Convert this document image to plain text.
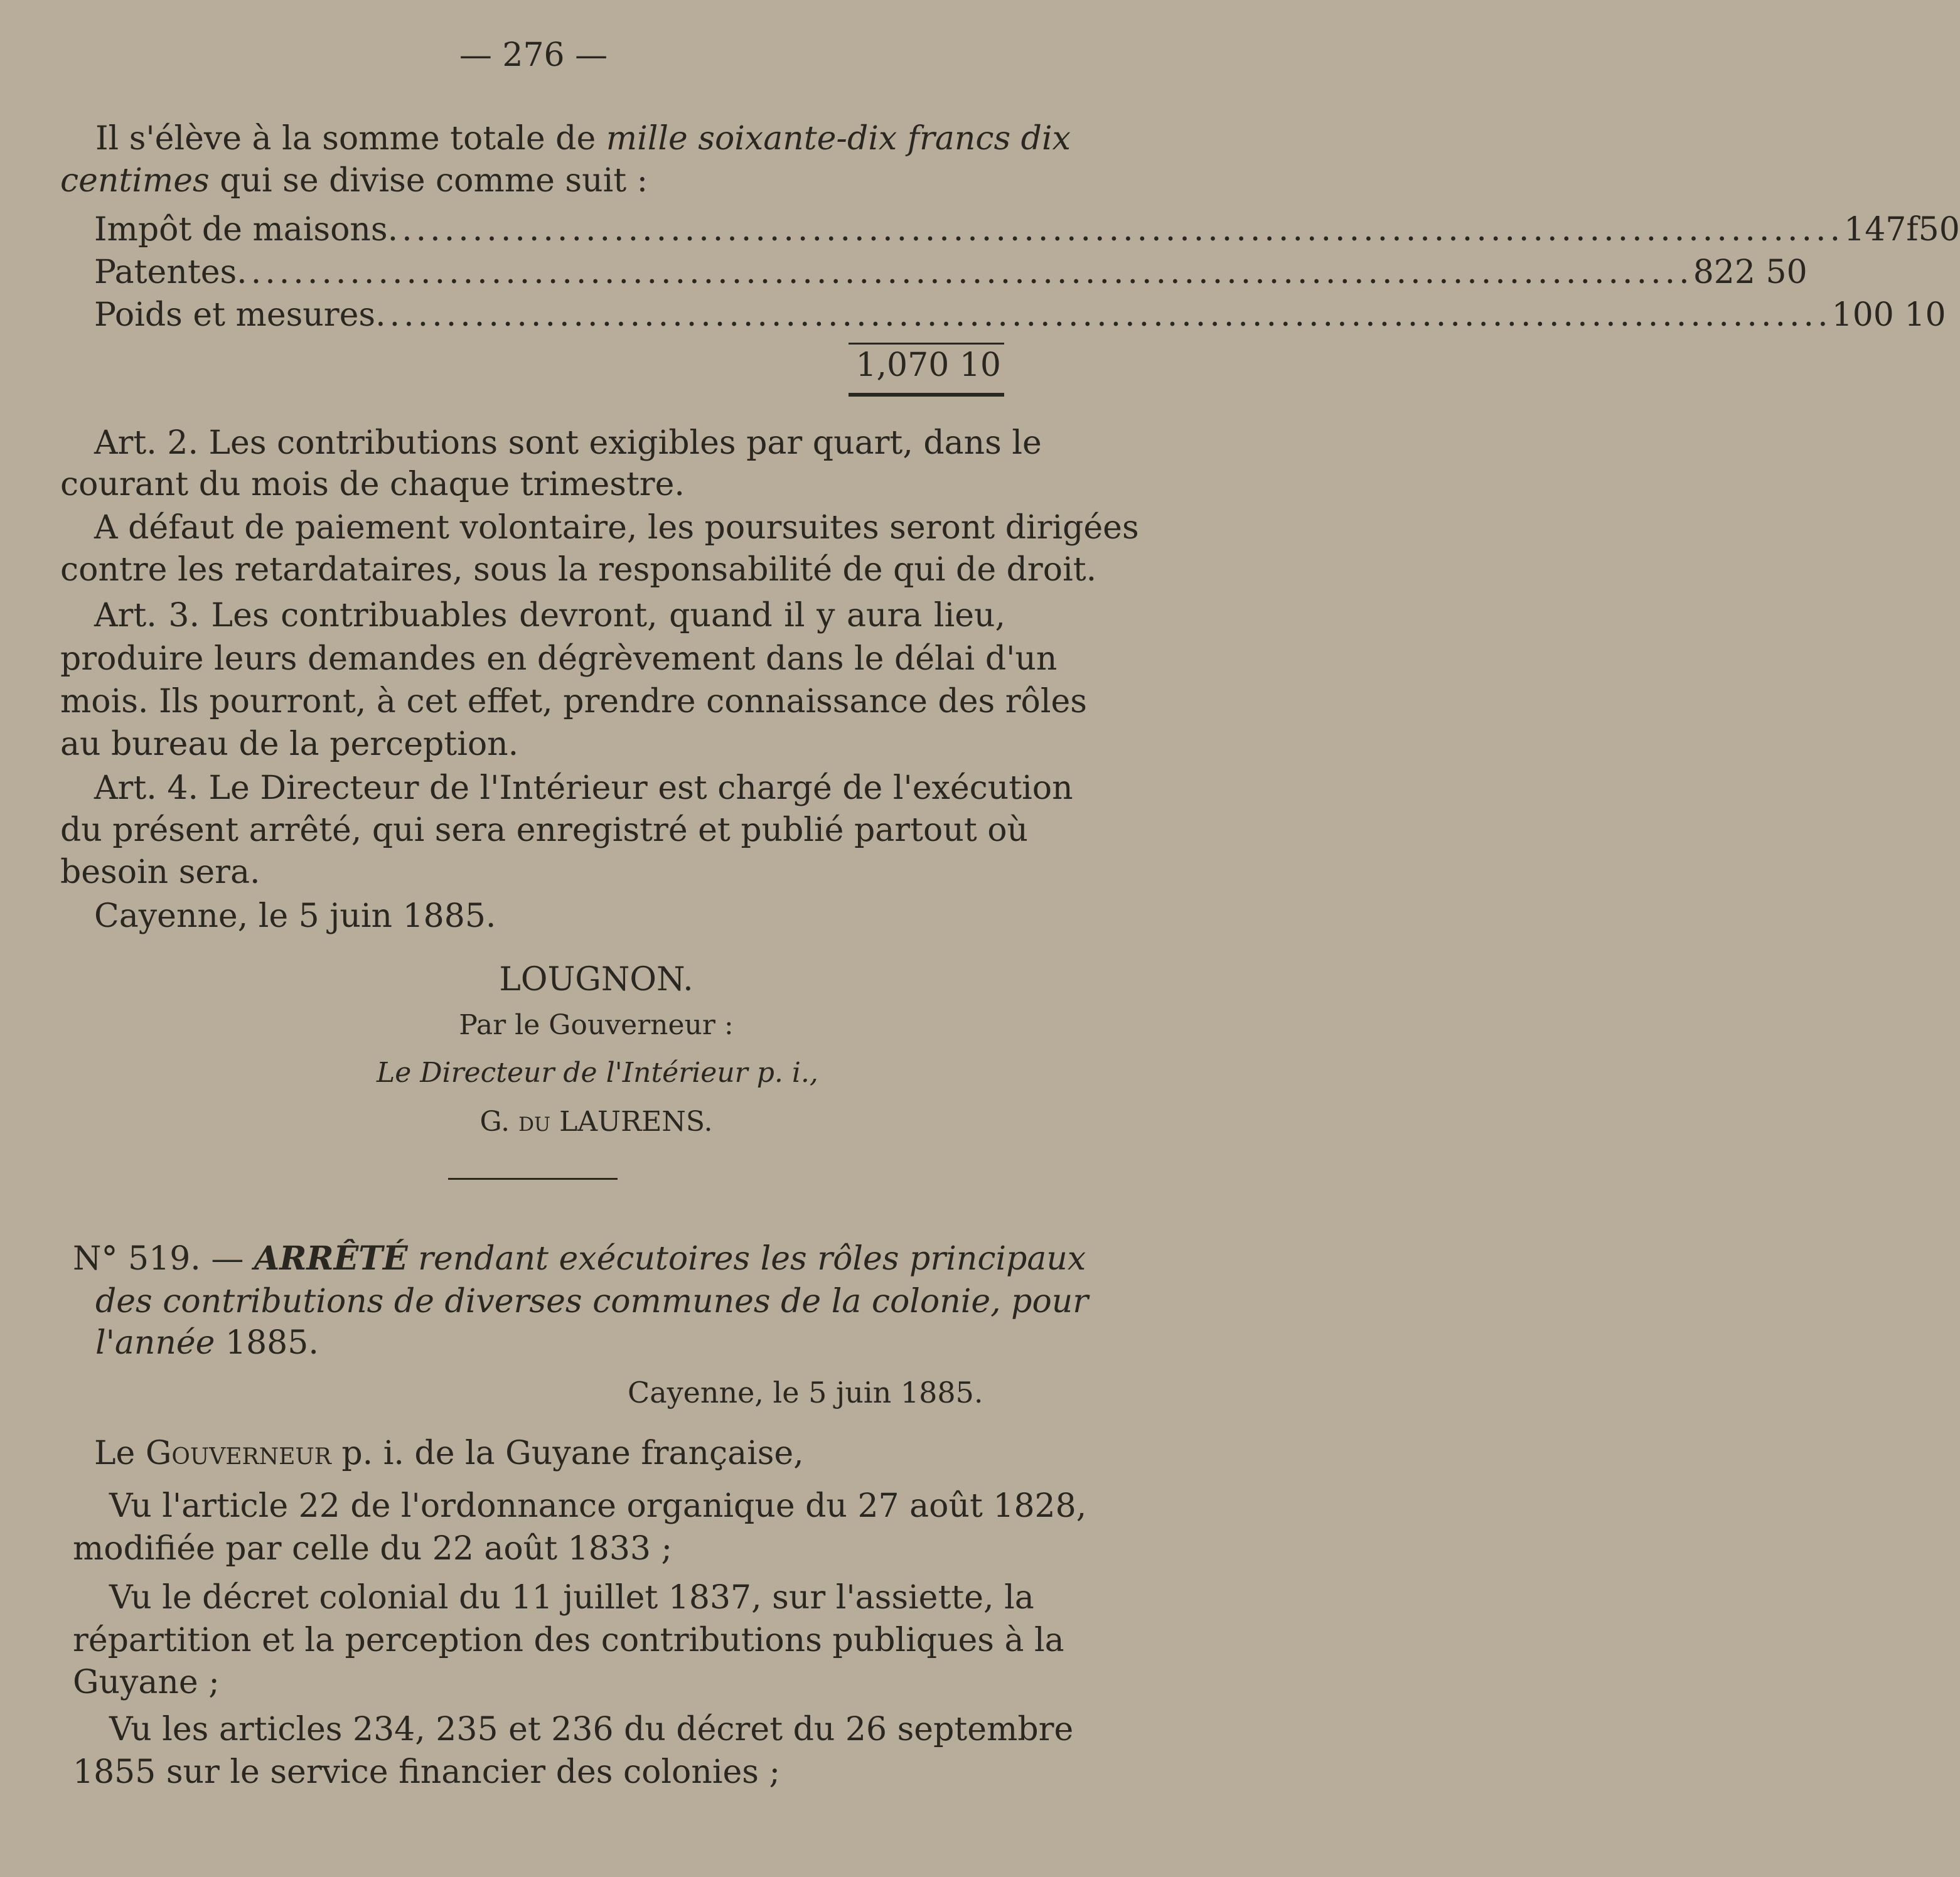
— 276 —
Il s'élève à la somme totale de mille soixante-dix francs dix
centimes qui se divise comme suit :
Impôt de maisons ....................................................................................................... 147f50
Patentes ....................................................................................................... 822 50
Poids et mesures ....................................................................................................... 100 10
1,070 10
Art. 2. Les contributions sont exigibles par quart, dans le
courant du mois de chaque trimestre.
A défaut de paiement volontaire, les poursuites seront dirigées
contre les retardataires, sous la responsabilité de qui de droit.
Art. 3. Les contribuables devront, quand il y aura lieu,
produire leurs demandes en dégrèvement dans le délai d'un
mois. Ils pourront, à cet effet, prendre connaissance des rôles
au bureau de la perception.
Art. 4. Le Directeur de l'Intérieur est chargé de l'exécution
du présent arrêté, qui sera enregistré et publié partout où
besoin sera.
Cayenne, le 5 juin 1885.
LOUGNON.
Par le Gouverneur :
Le Directeur de l'Intérieur p. i.,
G. du LAURENS.
N° 519. — ARRÊTÉ rendant exécutoires les rôles principaux
des contributions de diverses communes de la colonie, pour
l'année 1885.
Cayenne, le 5 juin 1885.
Le Gouverneur p. i. de la Guyane française,
Vu l'article 22 de l'ordonnance organique du 27 août 1828,
modifiée par celle du 22 août 1833 ;
Vu le décret colonial du 11 juillet 1837, sur l'assiette, la
répartition et la perception des contributions publiques à la
Guyane ;
Vu les articles 234, 235 et 236 du décret du 26 septembre
1855 sur le service financier des colonies ;
